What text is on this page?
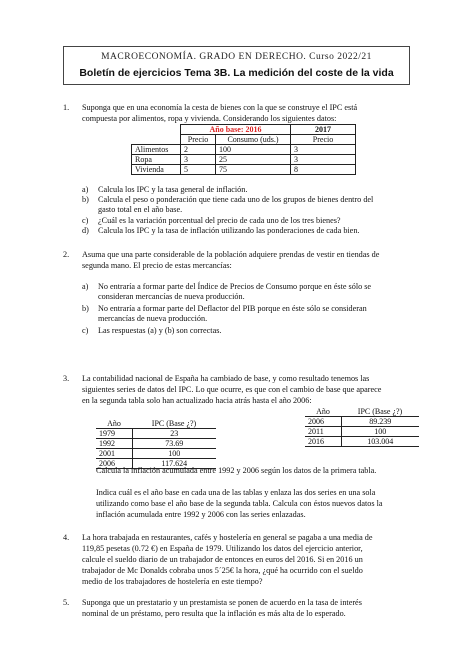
MACROECONOMÍA. GRADO EN DERECHO. Curso 2022/21
Boletín de ejercicios Tema 3B. La medición del coste de la vida
1. Suponga que en una economía la cesta de bienes con la que se construye el IPC está
compuesta por alimentos, ropa y vivienda. Considerando los siguientes datos:
	Año base: 2016		2017
	Precio	Consumo (uds.)	Precio
Alimentos	2	100	3
Ropa	3	25	3
Vivienda	5	75	8
a) Calcula los IPC y la tasa general de inflación.
b) Calcula el peso o ponderación que tiene cada uno de los grupos de bienes dentro del
gasto total en el año base.
c) ¿Cuál es la variación porcentual del precio de cada uno de los tres bienes?
d) Calcula los IPC y la tasa de inflación utilizando las ponderaciones de cada bien.
2. Asuma que una parte considerable de la población adquiere prendas de vestir en tiendas de
segunda mano. El precio de estas mercancías:
a) No entraría a formar parte del Índice de Precios de Consumo porque en éste sólo se
consideran mercancías de nueva producción.
b) No entraría a formar parte del Deflactor del PIB porque en éste sólo se consideran
mercancías de nueva producción.
c) Las respuestas (a) y (b) son correctas.
3. La contabilidad nacional de España ha cambiado de base, y como resultado tenemos las
siguientes series de datos del IPC. Lo que ocurre, es que con el cambio de base que aparece
en la segunda tabla solo han actualizado hacia atrás hasta el año 2006:
Año	IPC (Base ¿?)
1979	23
1992	73.69
2001	100
2006	117.624
Año	IPC (Base ¿?)
2006	89.239
2011	100
2016	103.004
Calcula la inflación acumulada entre 1992 y 2006 según los datos de la primera tabla.
Indica cuál es el año base en cada una de las tablas y enlaza las dos series en una sola
utilizando como base el año base de la segunda tabla. Calcula con éstos nuevos datos la
inflación acumulada entre 1992 y 2006 con las series enlazadas.
4. La hora trabajada en restaurantes, cafés y hostelería en general se pagaba a una media de
119,85 pesetas (0.72 €) en España de 1979. Utilizando los datos del ejercicio anterior,
calcule el sueldo diario de un trabajador de entonces en euros del 2016. Si en 2016 un
trabajador de Mc Donalds cobraba unos 5´25€ la hora, ¿qué ha ocurrido con el sueldo
medio de los trabajadores de hostelería en este tiempo?
5. Suponga que un prestatario y un prestamista se ponen de acuerdo en la tasa de interés
nominal de un préstamo, pero resulta que la inflación es más alta de lo esperado.
